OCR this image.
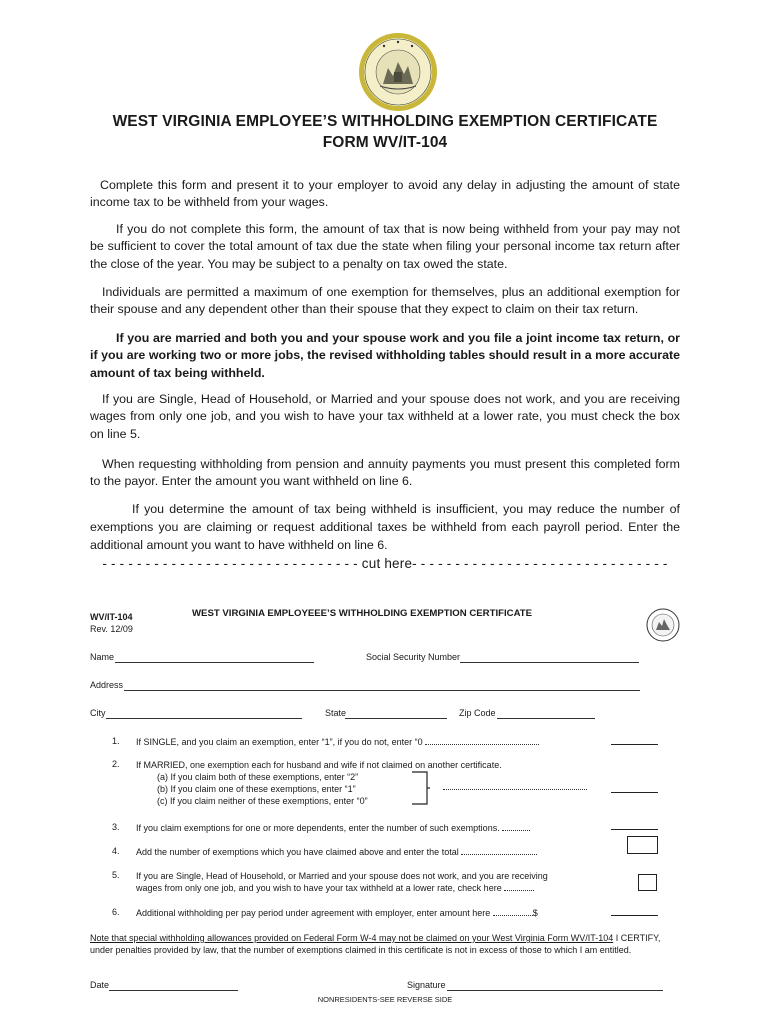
WEST VIRGINIA EMPLOYEE’S WITHHOLDING EXEMPTION CERTIFICATE
FORM WV/IT-104

Complete this form and present it to your employer to avoid any delay in adjusting the amount of state income tax to be withheld from your wages.

If you do not complete this form, the amount of tax that is now being withheld from your pay may not be sufficient to cover the total amount of tax due the state when filing your personal income tax return after the close of the year. You may be subject to a penalty on tax owed the state.

Individuals are permitted a maximum of one exemption for themselves, plus an additional exemption for their spouse and any dependent other than their spouse that they expect to claim on their tax return.

If you are married and both you and your spouse work and you file a joint income tax return, or if you are working two or more jobs, the revised withholding tables should result in a more accurate amount of tax being withheld.

If you are Single, Head of Household, or Married and your spouse does not work, and you are receiving wages from only one job, and you wish to have your tax withheld at a lower rate, you must check the box on line 5.

When requesting withholding from pension and annuity payments you must present this completed form to the payor. Enter the amount you want withheld on line 6.

If you determine the amount of tax being withheld is insufficient, you may reduce the number of exemptions you are claiming or request additional taxes be withheld from each payroll period. Enter the additional amount you want to have withheld on line 6.

- - - - - - - - - - - - - - - - - - - - - - - - - - - - - - cut here- - - - - - - - - - - - - - - - - - - - - - - - - - - - - -
WV/IT-104
Rev. 12/09
WEST VIRGINIA EMPLOYEEE’S WITHHOLDING EXEMPTION CERTIFICATE
Name	Social Security Number
Address
City	State	Zip Code
1. If SINGLE, and you claim an exemption, enter “1”, if you do not, enter “0
2. If MARRIED, one exemption each for husband and wife if not claimed on another certificate.
(a) If you claim both of these exemptions, enter “2”
(b) If you claim one of these exemptions, enter “1”
(c) If you claim neither of these exemptions, enter “0”
3. If you claim exemptions for one or more dependents, enter the number of such exemptions.
4. Add the number of exemptions which you have claimed above and enter the total
5. If you are Single, Head of Household, or Married and your spouse does not work, and you are receiving
wages from only one job, and you wish to have your tax withheld at a lower rate, check here
6. Additional withholding per pay period under agreement with employer, enter amount here	$
Note that special withholding allowances provided on Federal Form W-4 may not be claimed on your West Virginia Form WV/IT-104 I CERTIFY,
under penalties provided by law, that the number of exemptions claimed in this certificate is not in excess of those to which I am entitled.
Date	Signature
NONRESIDENTS-SEE REVERSE SIDE
